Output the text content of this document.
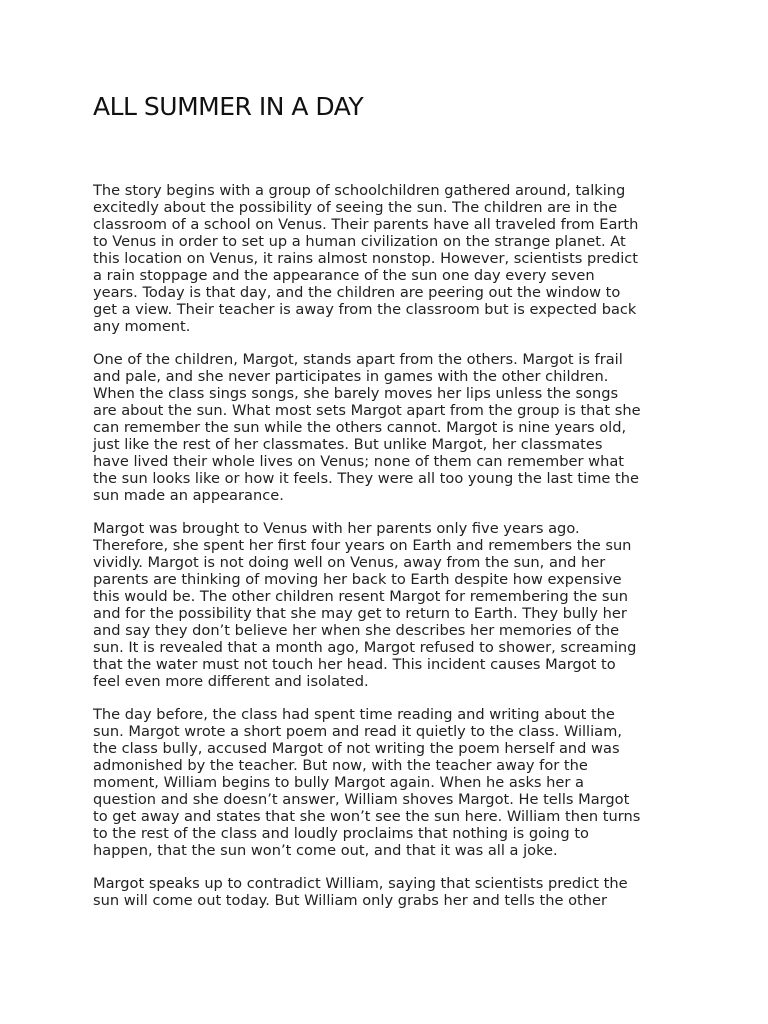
ALL SUMMER IN A DAY

The story begins with a group of schoolchildren gathered around, talking
excitedly about the possibility of seeing the sun. The children are in the
classroom of a school on Venus. Their parents have all traveled from Earth
to Venus in order to set up a human civilization on the strange planet. At
this location on Venus, it rains almost nonstop. However, scientists predict
a rain stoppage and the appearance of the sun one day every seven
years. Today is that day, and the children are peering out the window to
get a view. Their teacher is away from the classroom but is expected back
any moment.

One of the children, Margot, stands apart from the others. Margot is frail
and pale, and she never participates in games with the other children.
When the class sings songs, she barely moves her lips unless the songs
are about the sun. What most sets Margot apart from the group is that she
can remember the sun while the others cannot. Margot is nine years old,
just like the rest of her classmates. But unlike Margot, her classmates
have lived their whole lives on Venus; none of them can remember what
the sun looks like or how it feels. They were all too young the last time the
sun made an appearance.

Margot was brought to Venus with her parents only five years ago.
Therefore, she spent her first four years on Earth and remembers the sun
vividly. Margot is not doing well on Venus, away from the sun, and her
parents are thinking of moving her back to Earth despite how expensive
this would be. The other children resent Margot for remembering the sun
and for the possibility that she may get to return to Earth. They bully her
and say they don’t believe her when she describes her memories of the
sun. It is revealed that a month ago, Margot refused to shower, screaming
that the water must not touch her head. This incident causes Margot to
feel even more different and isolated.

The day before, the class had spent time reading and writing about the
sun. Margot wrote a short poem and read it quietly to the class. William,
the class bully, accused Margot of not writing the poem herself and was
admonished by the teacher. But now, with the teacher away for the
moment, William begins to bully Margot again. When he asks her a
question and she doesn’t answer, William shoves Margot. He tells Margot
to get away and states that she won’t see the sun here. William then turns
to the rest of the class and loudly proclaims that nothing is going to
happen, that the sun won’t come out, and that it was all a joke.

Margot speaks up to contradict William, saying that scientists predict the
sun will come out today. But William only grabs her and tells the other
